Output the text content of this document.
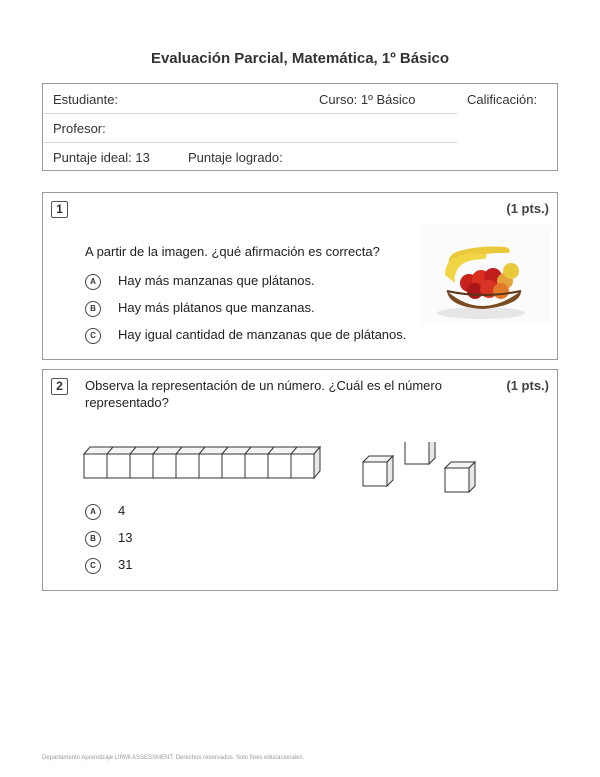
Evaluación Parcial, Matemática, 1º Básico
Estudiante:	Curso: 1º Básico	Calificación:
Profesor:
Puntaje ideal: 13	Puntaje logrado:
1	(1 pts.)
A partir de la imagen. ¿qué afirmación es correcta?
A	Hay más manzanas que plátanos.
B	Hay más plátanos que manzanas.
C	Hay igual cantidad de manzanas que de plátanos.
2	(1 pts.)
Observa la representación de un número. ¿Cuál es el número representado?
A	4
B	13
C	31
Departamento Aprendizaje LIRMI ASSESSMENT. Derechos reservados. Solo fines educacionales.
